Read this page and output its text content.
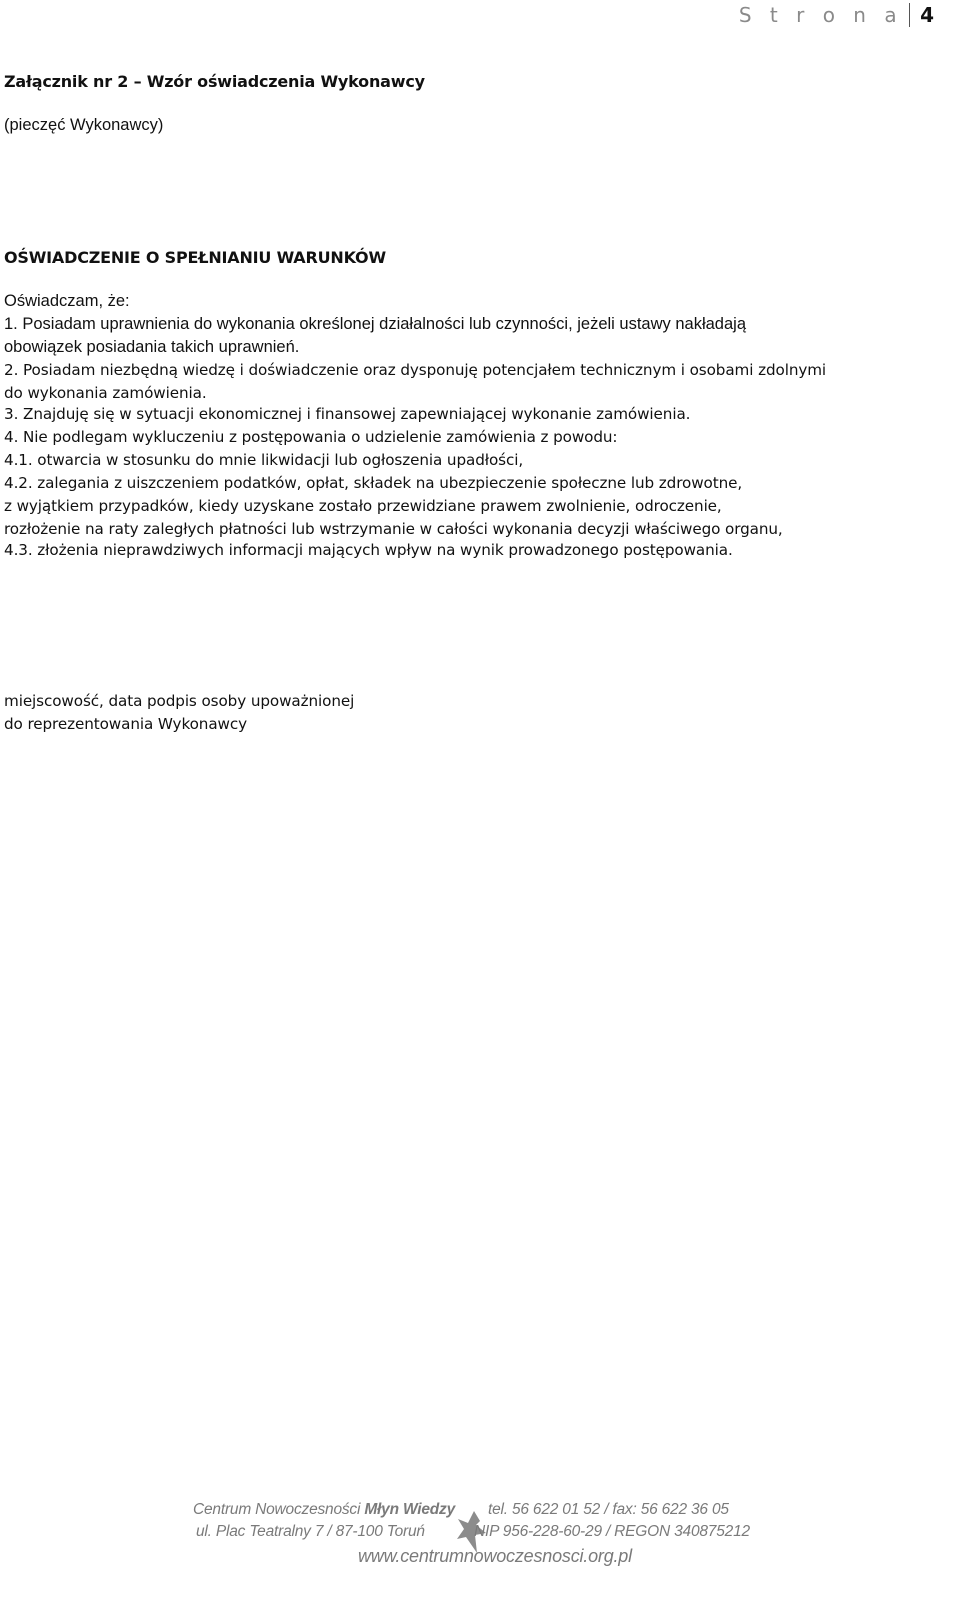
S t r o n a 4
Załącznik nr 2 – Wzór oświadczenia Wykonawcy
(pieczęć Wykonawcy)
OŚWIADCZENIE O SPEŁNIANIU WARUNKÓW
Oświadczam, że:
1. Posiadam uprawnienia do wykonania określonej działalności lub czynności, jeżeli ustawy nakładają
obowiązek posiadania takich uprawnień.
2. Posiadam niezbędną wiedzę i doświadczenie oraz dysponuję potencjałem technicznym i osobami zdolnymi
do wykonania zamówienia.
3. Znajduję się w sytuacji ekonomicznej i finansowej zapewniającej wykonanie zamówienia.
4. Nie podlegam wykluczeniu z postępowania o udzielenie zamówienia z powodu:
4.1. otwarcia w stosunku do mnie likwidacji lub ogłoszenia upadłości,
4.2. zalegania z uiszczeniem podatków, opłat, składek na ubezpieczenie społeczne lub zdrowotne,
z wyjątkiem przypadków, kiedy uzyskane zostało przewidziane prawem zwolnienie, odroczenie,
rozłożenie na raty zaległych płatności lub wstrzymanie w całości wykonania decyzji właściwego organu,
4.3. złożenia nieprawdziwych informacji mających wpływ na wynik prowadzonego postępowania.
miejscowość, data podpis osoby upoważnionej
do reprezentowania Wykonawcy
Centrum Nowoczesności Młyn Wiedzy
ul. Plac Teatralny 7 / 87-100 Toruń
tel. 56 622 01 52 / fax: 56 622 36 05
NIP 956-228-60-29 / REGON 340875212
www.centrumnowoczesnosci.org.pl
